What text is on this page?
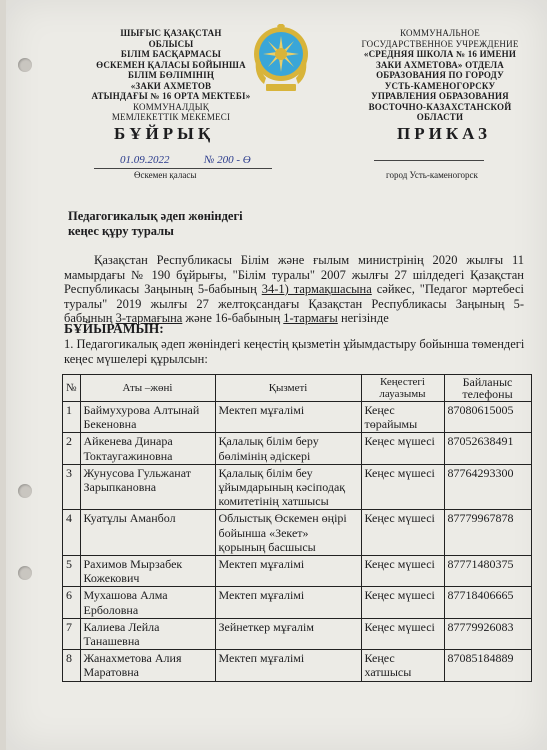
ШЫҒЫС ҚАЗАҚСТАН
ОБЛЫСЫ
БІЛІМ БАСҚАРМАСЫ
ӨСКЕМЕН ҚАЛАСЫ БОЙЫНША
БІЛІМ БӨЛІМІНІҢ
«ЗАКИ АХМЕТОВ
АТЫНДАҒЫ № 16 ОРТА МЕКТЕБІ»
КОММУНАЛДЫҚ
МЕМЛЕКЕТТІК МЕКЕМЕСІ
КОММУНАЛЬНОЕ
ГОСУДАРСТВЕННОЕ УЧРЕЖДЕНИЕ
«СРЕДНЯЯ ШКОЛА № 16 ИМЕНИ
ЗАКИ АХМЕТОВА» ОТДЕЛА
ОБРАЗОВАНИЯ ПО ГОРОДУ
УСТЬ-КАМЕНОГОРСКУ
УПРАВЛЕНИЯ ОБРАЗОВАНИЯ
ВОСТОЧНО-КАЗАХСТАНСКОЙ
ОБЛАСТИ
БҰЙРЫҚ	ПРИКАЗ
01.09.2022	№ 200 - Ө
Өскемен қаласы	город Усть-каменогорск
Педагогикалық әдеп жөніндегі
кеңес құру туралы
Қазақстан Республикасы Білім және ғылым министрінің 2020 жылғы 11 мамырдағы № 190 бұйрығы, "Білім туралы" 2007 жылғы 27 шілдедегі Қазақстан Республикасы Заңының 5-бабының 34-1) тармақшасына сәйкес, "Педагог мәртебесі туралы" 2019 жылғы 27 желтоқсандағы Қазақстан Республикасы Заңының 5-бабының 3-тармағына және 16-бабының 1-тармағы негізінде
БҰЙЫРАМЫН:
1. Педагогикалық әдеп жөніндегі кеңестің қызметін ұйымдастыру бойынша төмендегі кеңес мүшелері құрылсын:
№	Аты –жөні	Қызметі	Кеңестегі лауазымы	Байланыс телефоны
1	Баймухурова Алтынай Бекеновна	Мектеп мұғалімі	Кеңес төрайымы	87080615005
2	Айкенева Динара Токтаугажиновна	Қалалық білім беру бөлімінің әдіскері	Кеңес мүшесі	87052638491
3	Жунусова Гульжанат Зарыпкановна	Қалалық білім беу ұйымдарының кәсіподақ комитетінің хатшысы	Кеңес мүшесі	87764293300
4	Куатұлы Аманбол	Облыстық Өскемен өңірі бойынша «Зекет» қорының басшысы	Кеңес мүшесі	87779967878
5	Рахимов Мырзабек Кожекович	Мектеп мұғалімі	Кеңес мүшесі	87771480375
6	Мухашова Алма Ерболовна	Мектеп мұғалімі	Кеңес мүшесі	87718406665
7	Калиева Лейла Танашевна	Зейнеткер мұғалім	Кеңес мүшесі	87779926083
8	Жанахметова Алия Маратовна	Мектеп мұғалімі	Кеңес хатшысы	87085184889
